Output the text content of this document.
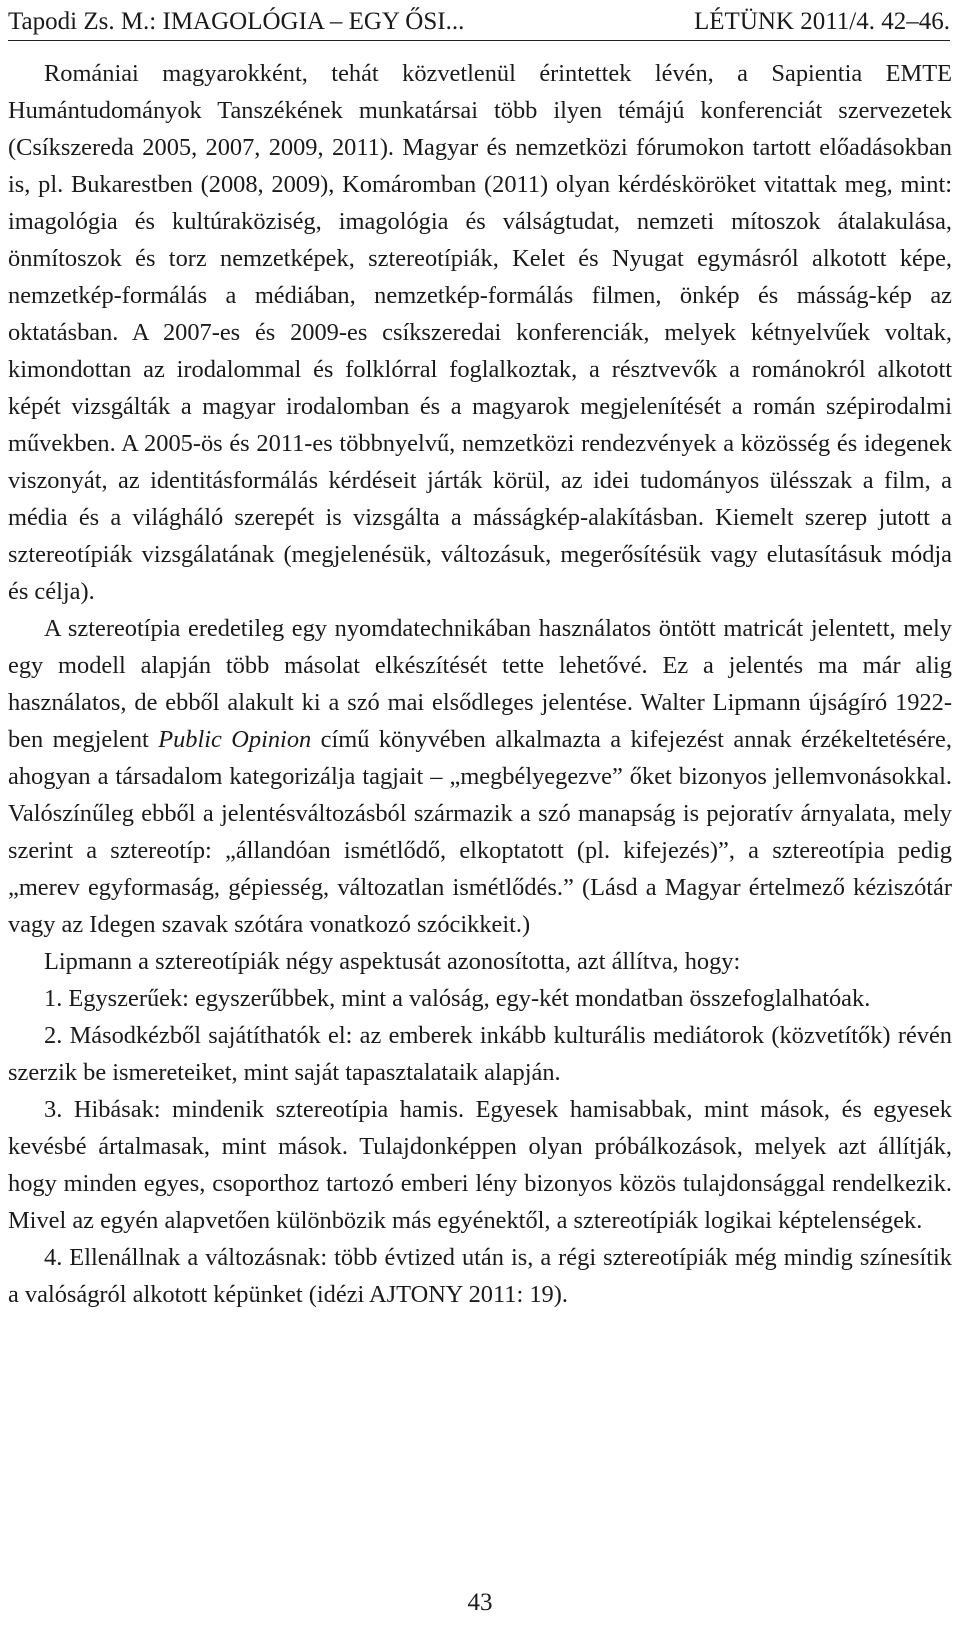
Tapodi Zs. M.: IMAGOLÓGIA – EGY ŐSI...	LÉTÜNK 2011/4. 42–46.

Romániai magyarokként, tehát közvetlenül érintettek lévén, a Sapientia EMTE Humántudományok Tanszékének munkatársai több ilyen témájú konferenciát szervezetek (Csíkszereda 2005, 2007, 2009, 2011). Magyar és nemzetközi fórumokon tartott előadásokban is, pl. Bukarestben (2008, 2009), Komáromban (2011) olyan kérdésköröket vitattak meg, mint: imagológia és kultúraköziség, imagológia és válságtudat, nemzeti mítoszok átalakulása, önmítoszok és torz nemzetképek, sztereotípiák, Kelet és Nyugat egymásról alkotott képe, nemzetkép-formálás a médiában, nemzetkép-formálás filmen, önkép és másság-kép az oktatásban. A 2007-es és 2009-es csíkszeredai konferenciák, melyek kétnyelvűek voltak, kimondottan az irodalommal és folklórral foglalkoztak, a résztvevők a románokról alkotott képét vizsgálták a magyar irodalomban és a magyarok megjelenítését a román szépirodalmi művekben. A 2005-ös és 2011-es többnyelvű, nemzetközi rendezvények a közösség és idegenek viszonyát, az identitásformálás kérdéseit járták körül, az idei tudományos ülésszak a film, a média és a világháló szerepét is vizsgálta a másságkép-alakításban. Kiemelt szerep jutott a sztereotípiák vizsgálatának (megjelenésük, változásuk, megerősítésük vagy elutasításuk módja és célja).

A sztereotípia eredetileg egy nyomdatechnikában használatos öntött matricát jelentett, mely egy modell alapján több másolat elkészítését tette lehetővé. Ez a jelentés ma már alig használatos, de ebből alakult ki a szó mai elsődleges jelentése. Walter Lipmann újságíró 1922-ben megjelent Public Opinion című könyvében alkalmazta a kifejezést annak érzékeltetésére, ahogyan a társadalom kategorizálja tagjait – „megbélyegezve” őket bizonyos jellemvonásokkal. Valószínűleg ebből a jelentésváltozásból származik a szó manapság is pejoratív árnyalata, mely szerint a sztereotíp: „állandóan ismétlődő, elkoptatott (pl. kifejezés)”, a sztereotípia pedig „merev egyformaság, gépiesség, változatlan ismétlődés.” (Lásd a Magyar értelmező kéziszótár vagy az Idegen szavak szótára vonatkozó szócikkeit.)

Lipmann a sztereotípiák négy aspektusát azonosította, azt állítva, hogy:

1. Egyszerűek: egyszerűbbek, mint a valóság, egy-két mondatban összefoglalhatóak.

2. Másodkézből sajátíthatók el: az emberek inkább kulturális mediátorok (közvetítők) révén szerzik be ismereteiket, mint saját tapasztalataik alapján.

3. Hibásak: mindenik sztereotípia hamis. Egyesek hamisabbak, mint mások, és egyesek kevésbé ártalmasak, mint mások. Tulajdonképpen olyan próbálkozások, melyek azt állítják, hogy minden egyes, csoporthoz tartozó emberi lény bizonyos közös tulajdonsággal rendelkezik. Mivel az egyén alapvetően különbözik más egyénektől, a sztereotípiák logikai képtelenségek.

4. Ellenállnak a változásnak: több évtized után is, a régi sztereotípiák még mindig színesítik a valóságról alkotott képünket (idézi AJTONY 2011: 19).

43
